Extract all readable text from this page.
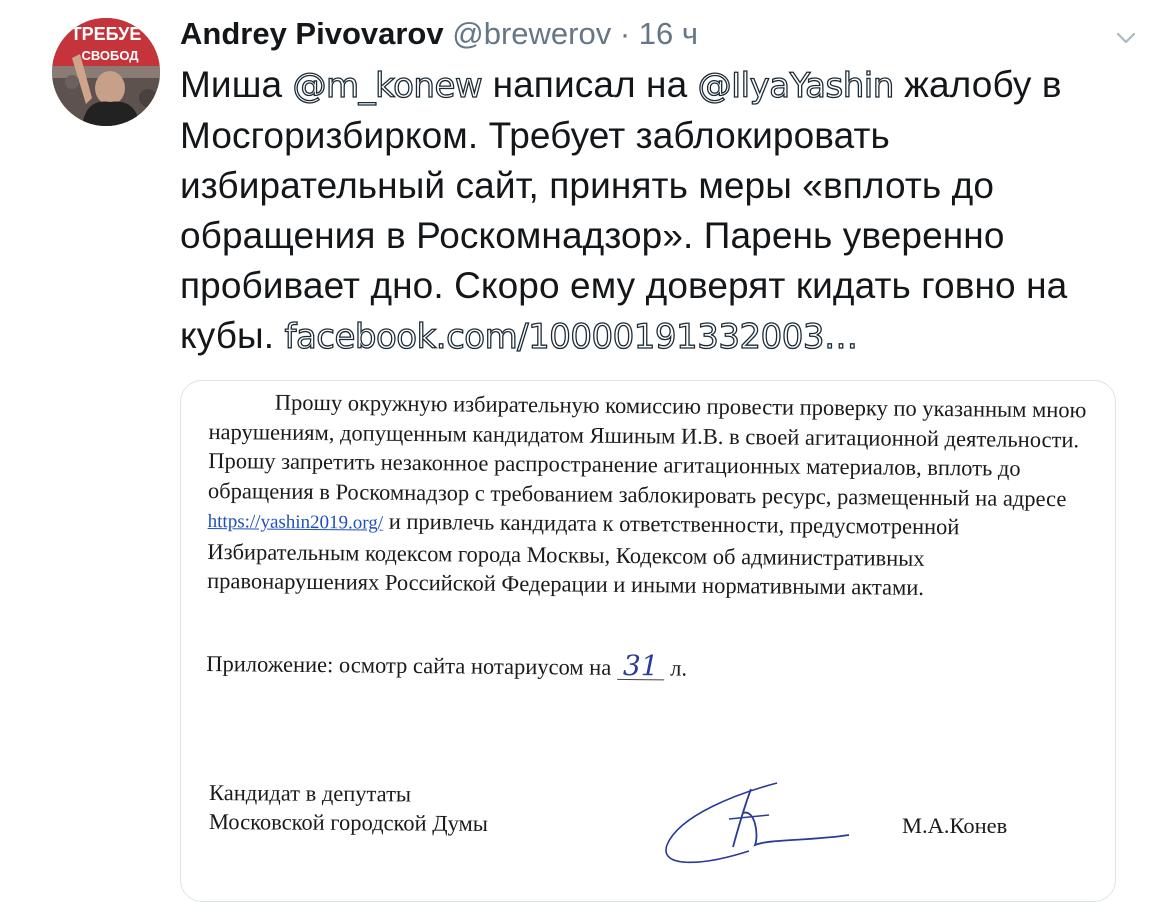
ТРЕБУЕ
СВОБОД
Andrey Pivovarov @brewerov · 16 ч
Миша @m_konew написал на @IlyaYashin жалобу в Мосгоризбирком. Требует заблокировать избирательный сайт, принять меры «вплоть до обращения в Роскомнадзор». Парень уверенно пробивает дно. Скоро ему доверят кидать говно на кубы. facebook.com/10000191332003…

Прошу окружную избирательную комиссию провести проверку по указанным мною нарушениям, допущенным кандидатом Яшиным И.В. в своей агитационной деятельности. Прошу запретить незаконное распространение агитационных материалов, вплоть до обращения в Роскомнадзор с требованием заблокировать ресурс, размещенный на адресе https://yashin2019.org/ и привлечь кандидата к ответственности, предусмотренной Избирательным кодексом города Москвы, Кодексом об административных правонарушениях Российской Федерации и иными нормативными актами.

Приложение: осмотр сайта нотариусом на 31 л.

Кандидат в депутаты
Московской городской Думы	М.А.Конев
